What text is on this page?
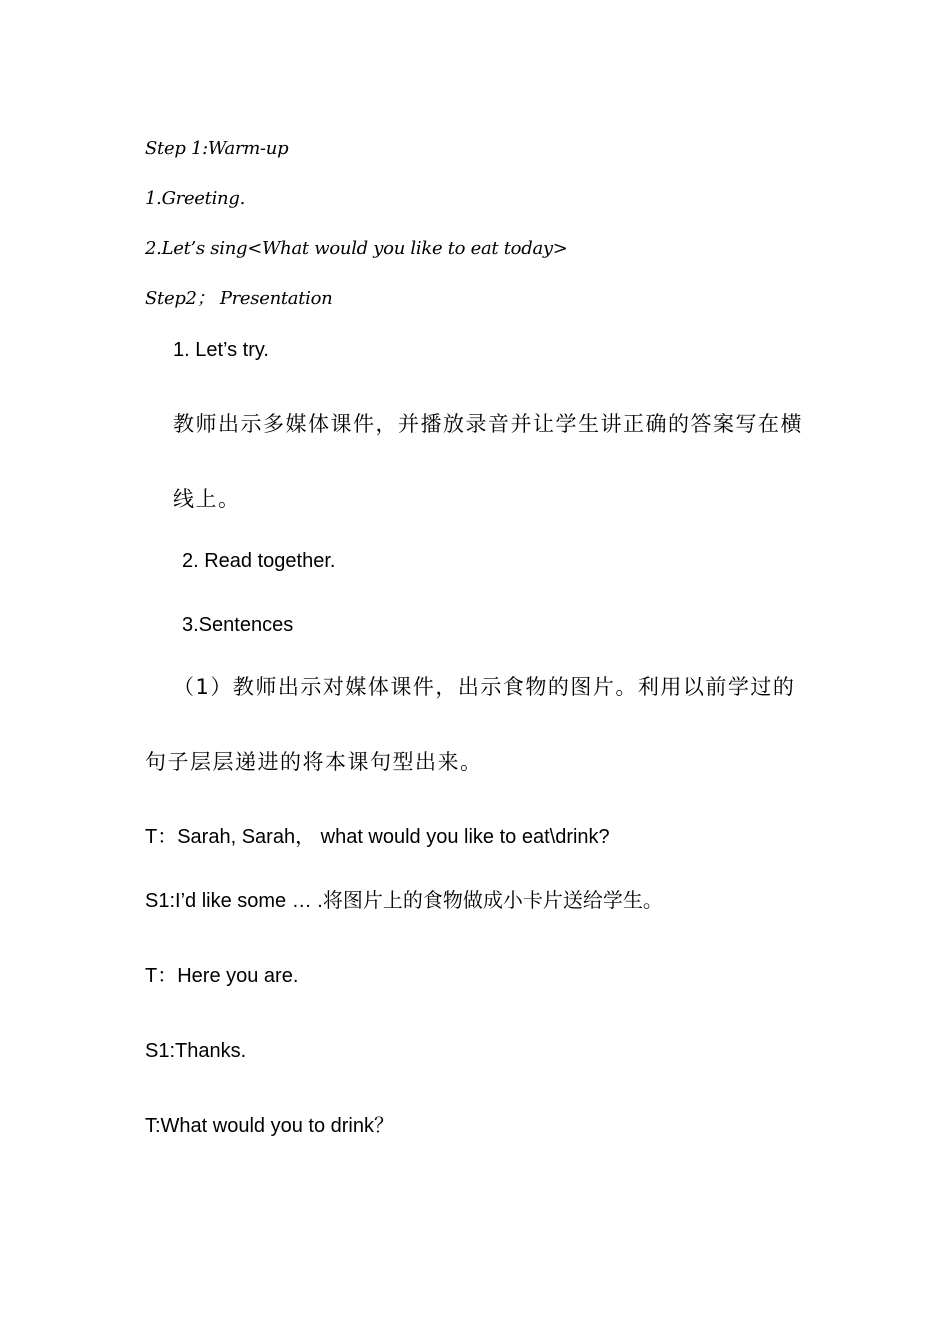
Step 1:Warm-up
1.Greeting.
2.Let’s sing<What would you like to eat today>
Step2； Presentation
1. Let’s try.
教师出示多媒体课件，并播放录音并让学生讲正确的答案写在横
线上。
2. Read together.
3.Sentences
（1）教师出示对媒体课件，出示食物的图片。利用以前学过的
句子层层递进的将本课句型出来。
T：Sarah, Sarah， what would you like to eat\drink?
S1:I’d like some … .将图片上的食物做成小卡片送给学生。
T：Here you are.
S1:Thanks.
T:What would you to drink？
